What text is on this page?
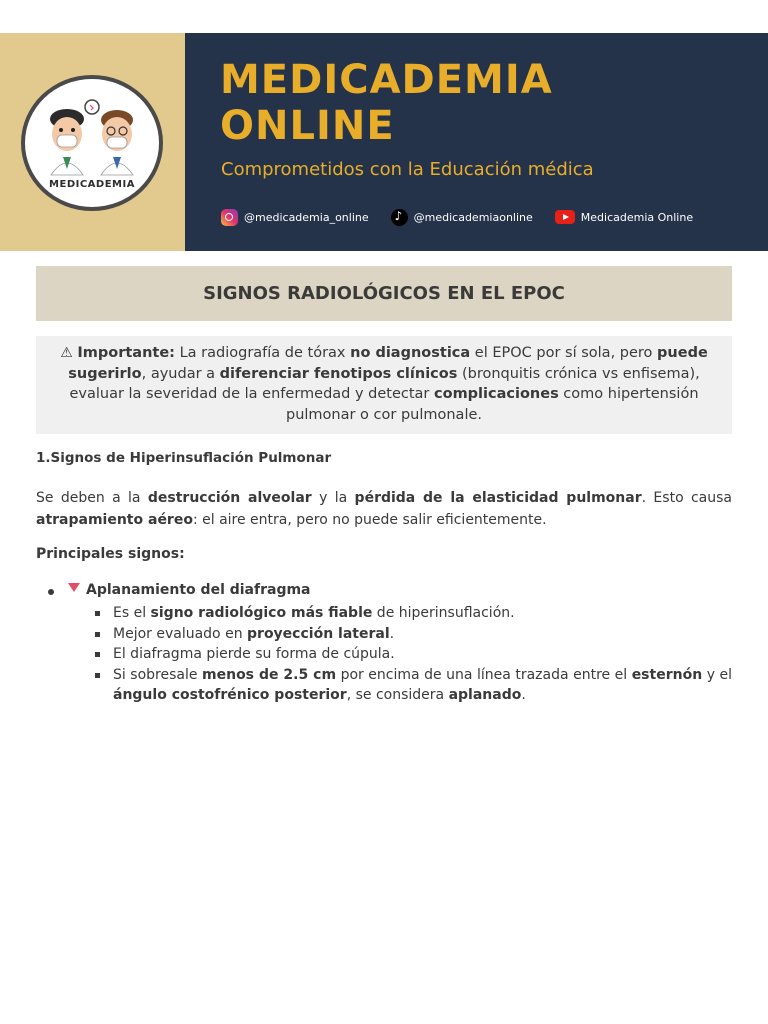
MEDICADEMIA
MEDICADEMIA
ONLINE
Comprometidos con la Educación médica
@medicademia_online
♪	@medicademiaonline	Medicademia Online
SIGNOS RADIOLÓGICOS EN EL EPOC
⚠ Importante: La radiografía de tórax no diagnostica el EPOC por sí sola, pero puede sugerirlo, ayudar a diferenciar fenotipos clínicos (bronquitis crónica vs enfisema), evaluar la severidad de la enfermedad y detectar complicaciones como hipertensión pulmonar o cor pulmonale.
1.Signos de Hiperinsuflación Pulmonar
Se deben a la destrucción alveolar y la pérdida de la elasticidad pulmonar. Esto causa atrapamiento aéreo: el aire entra, pero no puede salir eficientemente.
Principales signos:
Aplanamiento del diafragma
Es el signo radiológico más fiable de hiperinsuflación.
Mejor evaluado en proyección lateral.
El diafragma pierde su forma de cúpula.
Si sobresale menos de 2.5 cm por encima de una línea trazada entre el esternón y el ángulo costofrénico posterior, se considera aplanado.
